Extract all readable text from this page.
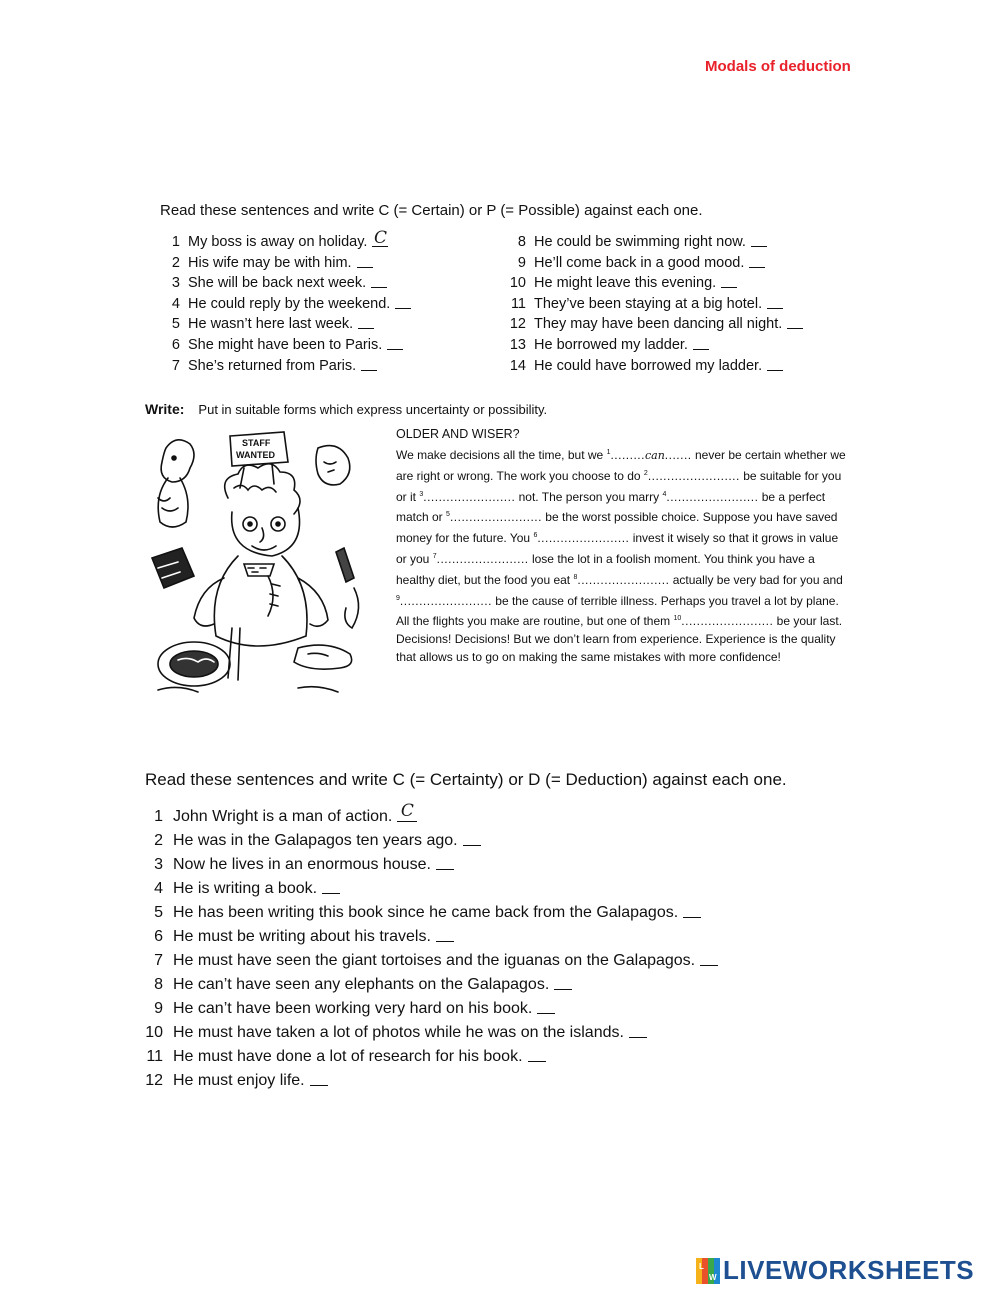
Modals of deduction
Read these sentences and write C (= Certain) or P (= Possible) against each one.
1 My boss is away on holiday. C
2 His wife may be with him.
3 She will be back next week.
4 He could reply by the weekend.
5 He wasn’t here last week.
6 She might have been to Paris.
7 She’s returned from Paris.
8 He could be swimming right now.
9 He’ll come back in a good mood.
10 He might leave this evening.
11 They’ve been staying at a big hotel.
12 They may have been dancing all night.
13 He borrowed my ladder.
14 He could have borrowed my ladder.
Write: Put in suitable forms which express uncertainty or possibility.
STAFF
WANTED
OLDER AND WISER?
We make decisions all the time, but we $^1$.........can....... never be certain whether we are right or wrong. The work you choose to do $^2$........................ be suitable for you or it $^3$........................ not. The person you marry $^4$........................ be a perfect match or $^5$........................ be the worst possible choice. Suppose you have saved money for the future. You $^6$........................ invest it wisely so that it grows in value or you $^7$........................ lose the lot in a foolish moment. You think you have a healthy diet, but the food you eat $^8$........................ actually be very bad for you and $^9$........................ be the cause of terrible illness. Perhaps you travel a lot by plane. All the flights you make are routine, but one of them $^{10}$........................ be your last. Decisions! Decisions! But we don’t learn from experience. Experience is the quality that allows us to go on making the same mistakes with more confidence!
Read these sentences and write C (= Certainty) or D (= Deduction) against each one.
1 John Wright is a man of action. C
2 He was in the Galapagos ten years ago.
3 Now he lives in an enormous house.
4 He is writing a book.
5 He has been writing this book since he came back from the Galapagos.
6 He must be writing about his travels.
7 He must have seen the giant tortoises and the iguanas on the Galapagos.
8 He can’t have seen any elephants on the Galapagos.
9 He can’t have been working very hard on his book.
10 He must have taken a lot of photos while he was on the islands.
11 He must have done a lot of research for his book.
12 He must enjoy life.
L
W LIVEWORKSHEETS
